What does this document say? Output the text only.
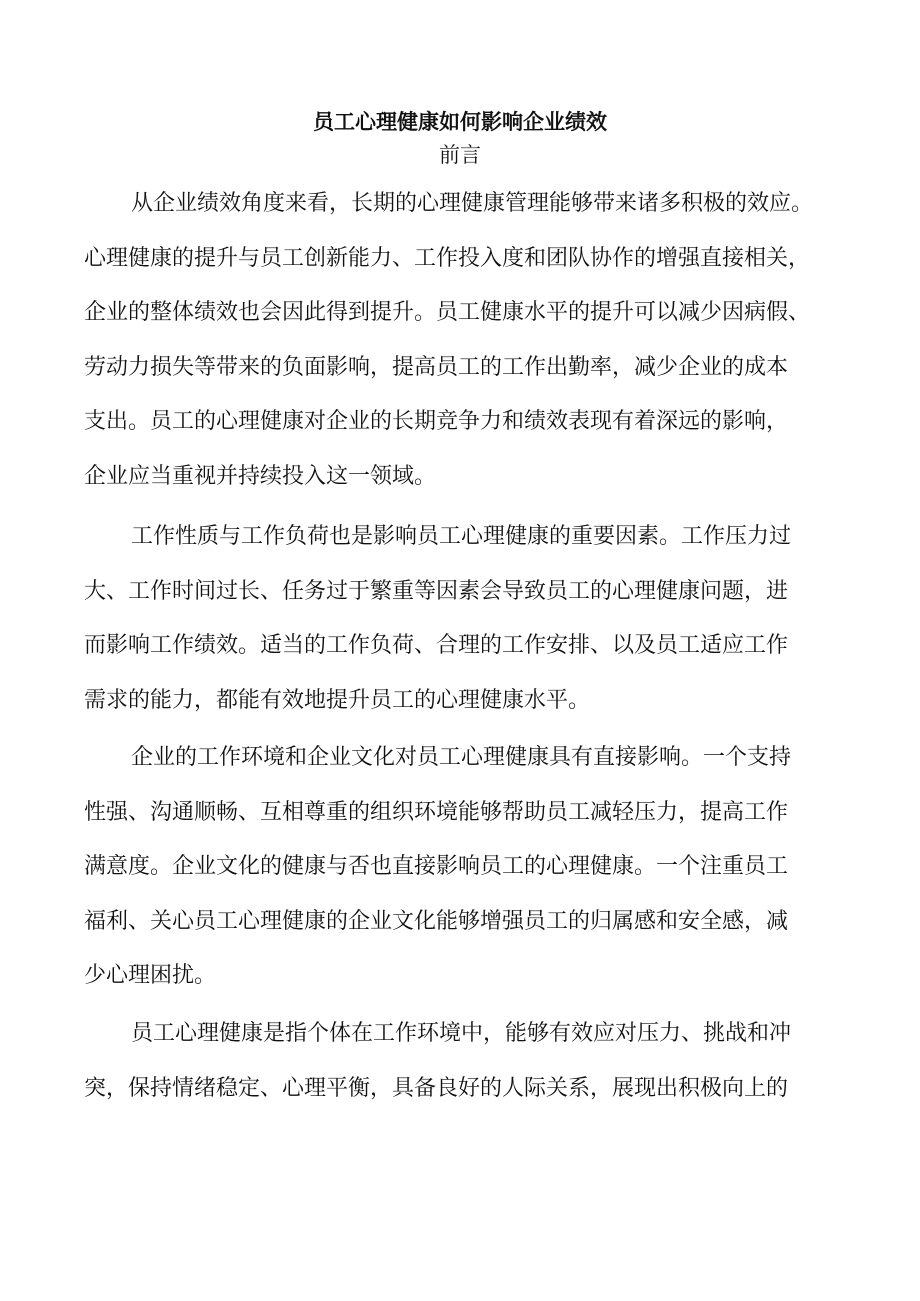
员工心理健康如何影响企业绩效
前言
从企业绩效角度来看，长期的心理健康管理能够带来诸多积极的效应。
心理健康的提升与员工创新能力、工作投入度和团队协作的增强直接相关，
企业的整体绩效也会因此得到提升。员工健康水平的提升可以减少因病假、
劳动力损失等带来的负面影响，提高员工的工作出勤率，减少企业的成本
支出。员工的心理健康对企业的长期竞争力和绩效表现有着深远的影响，
企业应当重视并持续投入这一领域。
工作性质与工作负荷也是影响员工心理健康的重要因素。工作压力过
大、工作时间过长、任务过于繁重等因素会导致员工的心理健康问题，进
而影响工作绩效。适当的工作负荷、合理的工作安排、以及员工适应工作
需求的能力，都能有效地提升员工的心理健康水平。
企业的工作环境和企业文化对员工心理健康具有直接影响。一个支持
性强、沟通顺畅、互相尊重的组织环境能够帮助员工减轻压力，提高工作
满意度。企业文化的健康与否也直接影响员工的心理健康。一个注重员工
福利、关心员工心理健康的企业文化能够增强员工的归属感和安全感，减
少心理困扰。
员工心理健康是指个体在工作环境中，能够有效应对压力、挑战和冲
突，保持情绪稳定、心理平衡，具备良好的人际关系，展现出积极向上的
